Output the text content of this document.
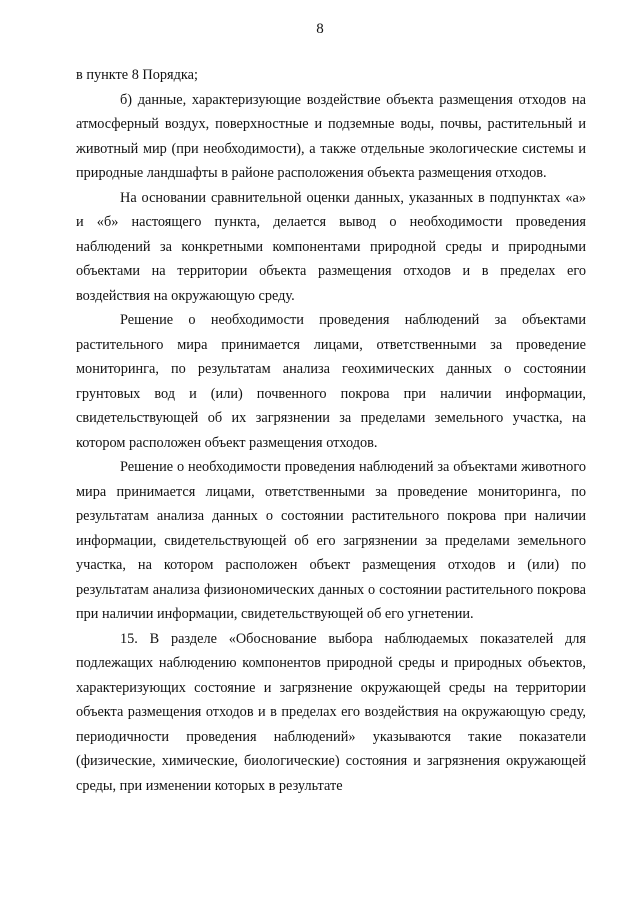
8

в пункте 8 Порядка;

б) данные, характеризующие воздействие объекта размещения отходов на атмосферный воздух, поверхностные и подземные воды, почвы, растительный и животный мир (при необходимости), а также отдельные экологические системы и природные ландшафты в районе расположения объекта размещения отходов.

На основании сравнительной оценки данных, указанных в подпунктах «а» и «б» настоящего пункта, делается вывод о необходимости проведения наблюдений за конкретными компонентами природной среды и природными объектами на территории объекта размещения отходов и в пределах его воздействия на окружающую среду.

Решение о необходимости проведения наблюдений за объектами растительного мира принимается лицами, ответственными за проведение мониторинга, по результатам анализа геохимических данных о состоянии грунтовых вод и (или) почвенного покрова при наличии информации, свидетельствующей об их загрязнении за пределами земельного участка, на котором расположен объект размещения отходов.

Решение о необходимости проведения наблюдений за объектами животного мира принимается лицами, ответственными за проведение мониторинга, по результатам анализа данных о состоянии растительного покрова при наличии информации, свидетельствующей об его загрязнении за пределами земельного участка, на котором расположен объект размещения отходов и (или) по результатам анализа физиономических данных о состоянии растительного покрова при наличии информации, свидетельствующей об его угнетении.

15. В разделе «Обоснование выбора наблюдаемых показателей для подлежащих наблюдению компонентов природной среды и природных объектов, характеризующих состояние и загрязнение окружающей среды на территории объекта размещения отходов и в пределах его воздействия на окружающую среду, периодичности проведения наблюдений» указываются такие показатели (физические, химические, биологические) состояния и загрязнения окружающей среды, при изменении которых в результате
